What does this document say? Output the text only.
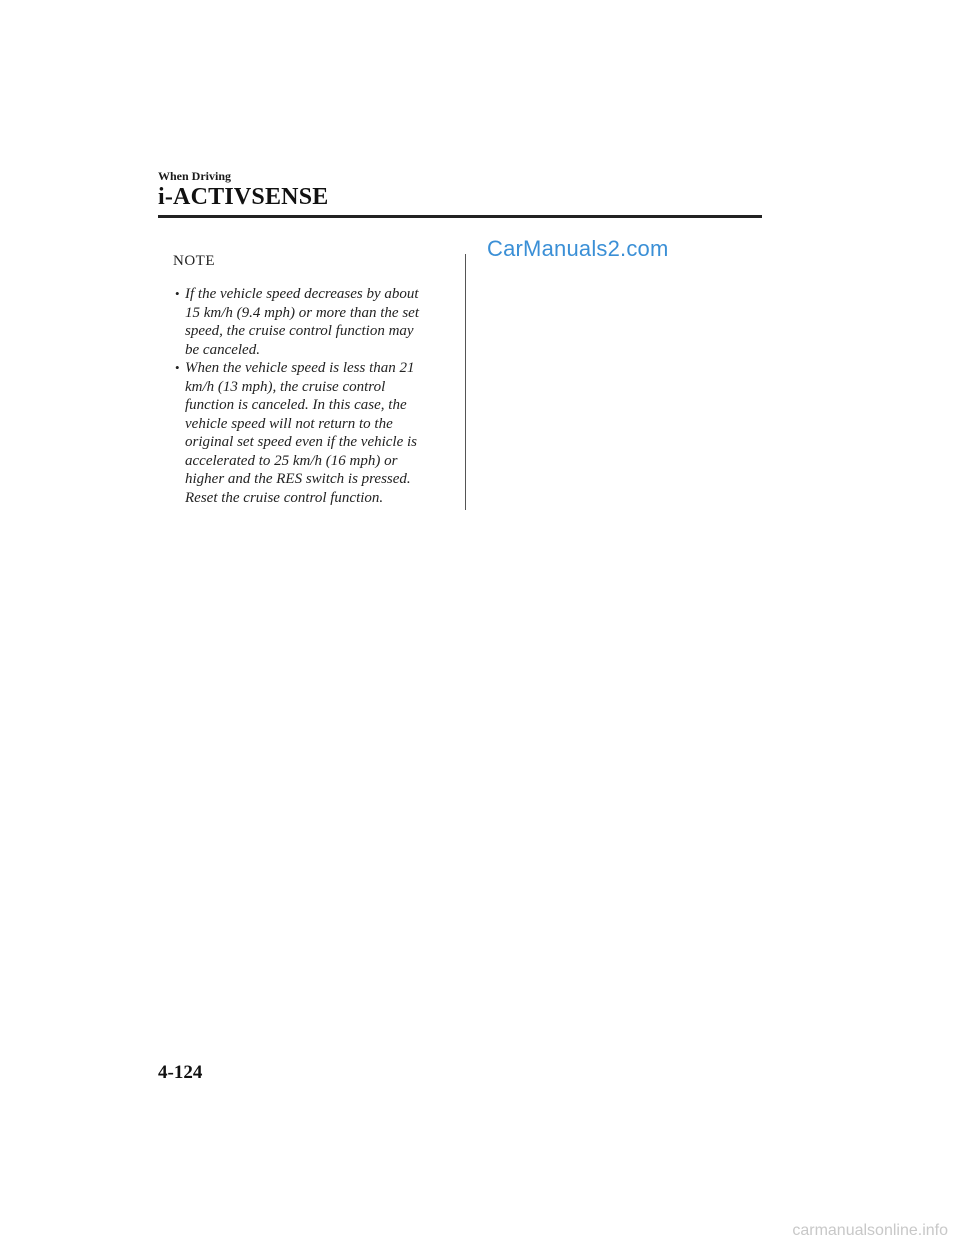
When Driving
i-ACTIVSENSE
CarManuals2.com
NOTE
• If the vehicle speed decreases by about
15 km/h (9.4 mph) or more than the set
speed, the cruise control function may
be canceled.
• When the vehicle speed is less than 21
km/h (13 mph), the cruise control
function is canceled. In this case, the
vehicle speed will not return to the
original set speed even if the vehicle is
accelerated to 25 km/h (16 mph) or
higher and the RES switch is pressed.
Reset the cruise control function.
4-124
carmanualsonline.info
